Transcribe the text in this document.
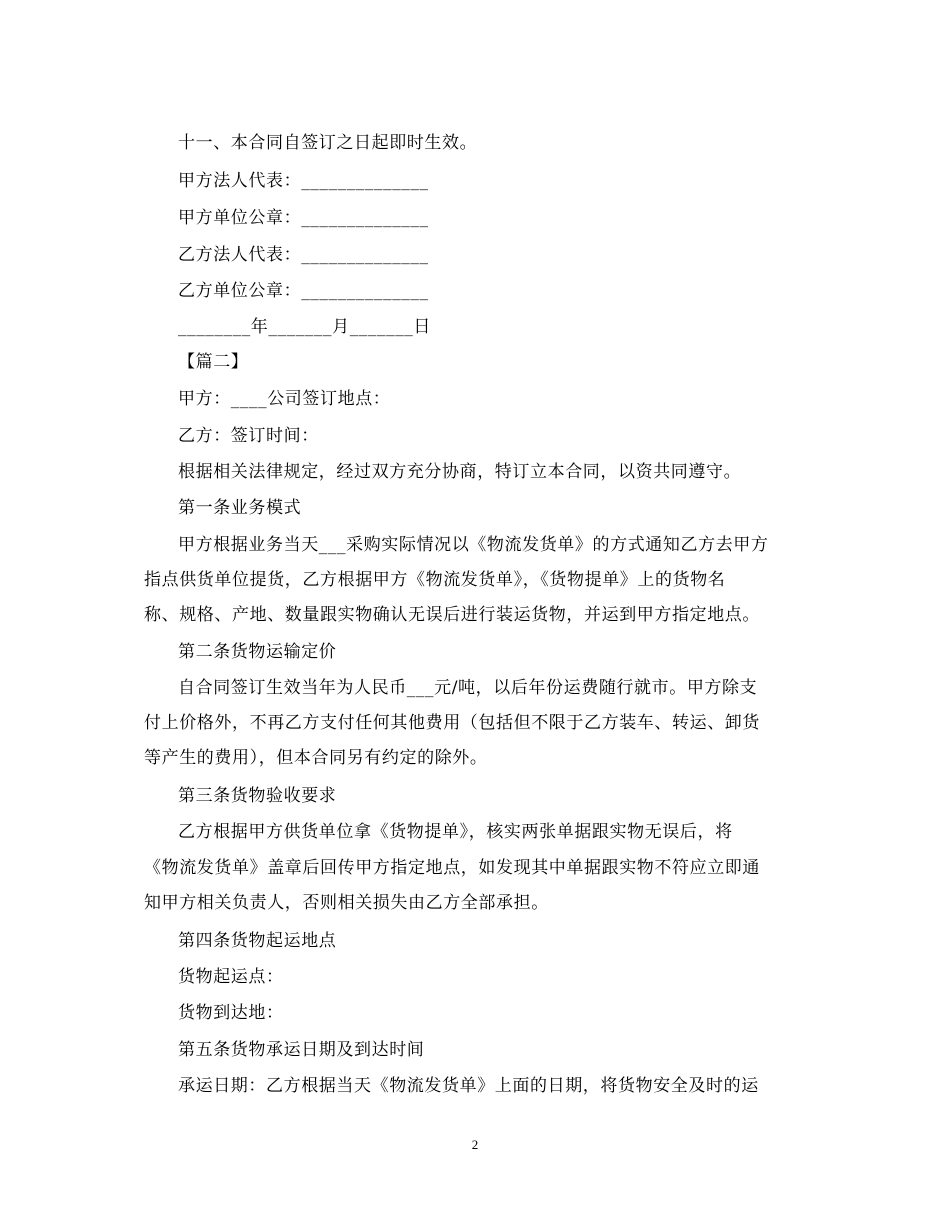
十一、本合同自签订之日起即时生效。
甲方法人代表：______________
甲方单位公章：______________
乙方法人代表：______________
乙方单位公章：______________
________年_______月_______日
【篇二】
甲方：____公司签订地点：
乙方：签订时间：
根据相关法律规定，经过双方充分协商，特订立本合同，以资共同遵守。
第一条业务模式
甲方根据业务当天___采购实际情况以《物流发货单》的方式通知乙方去甲方
指点供货单位提货，乙方根据甲方《物流发货单》，《货物提单》上的货物名
称、规格、产地、数量跟实物确认无误后进行装运货物，并运到甲方指定地点。
第二条货物运输定价
自合同签订生效当年为人民币___元/吨，以后年份运费随行就市。甲方除支
付上价格外，不再乙方支付任何其他费用（包括但不限于乙方装车、转运、卸货
等产生的费用），但本合同另有约定的除外。
第三条货物验收要求
乙方根据甲方供货单位拿《货物提单》，核实两张单据跟实物无误后，将
《物流发货单》盖章后回传甲方指定地点，如发现其中单据跟实物不符应立即通
知甲方相关负责人，否则相关损失由乙方全部承担。
第四条货物起运地点
货物起运点：
货物到达地：
第五条货物承运日期及到达时间
承运日期：乙方根据当天《物流发货单》上面的日期，将货物安全及时的运
2
